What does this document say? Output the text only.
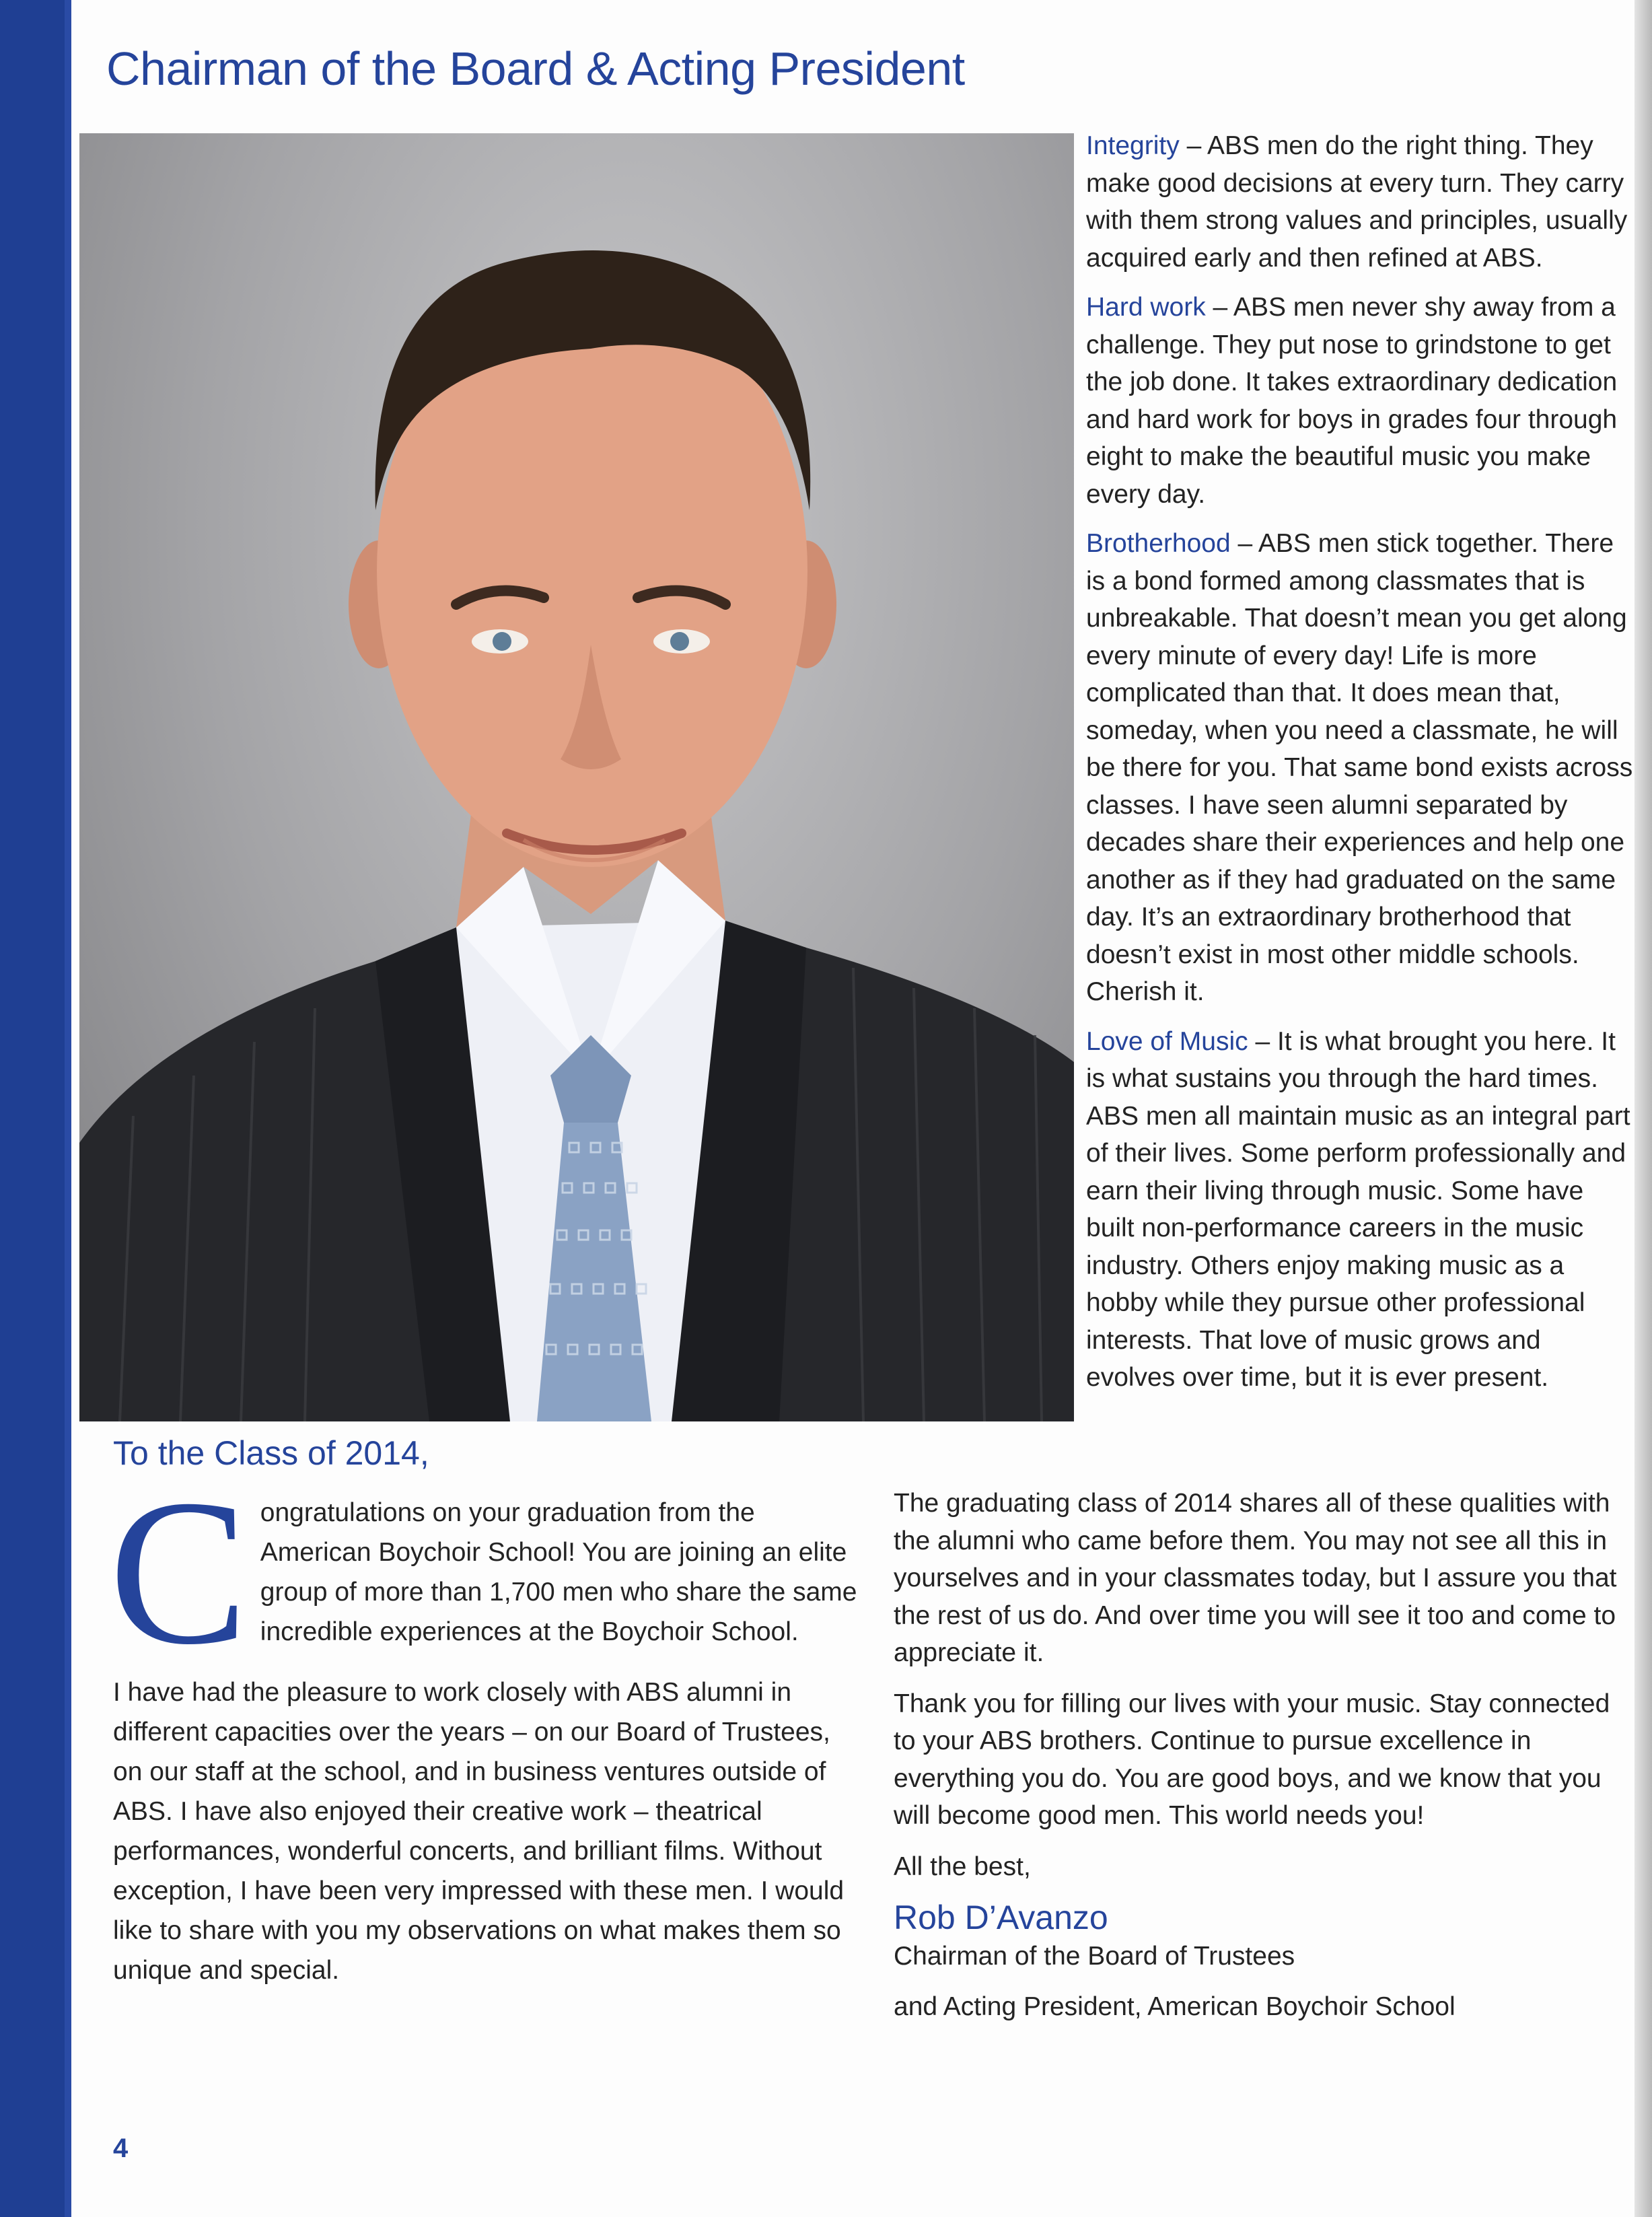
Chairman of the Board & Acting President

Integrity – ABS men do the right thing. They make good decisions at every turn. They carry with them strong values and principles, usually acquired early and then refined at ABS.

Hard work – ABS men never shy away from a challenge. They put nose to grindstone to get the job done. It takes extraordinary dedication and hard work for boys in grades four through eight to make the beautiful music you make every day.

Brotherhood – ABS men stick together. There is a bond formed among classmates that is unbreakable. That doesn’t mean you get along every minute of every day! Life is more complicated than that. It does mean that, someday, when you need a classmate, he will be there for you. That same bond exists across classes. I have seen alumni separated by decades share their experiences and help one another as if they had graduated on the same day. It’s an extraordinary brotherhood that doesn’t exist in most other middle schools. Cherish it.

Love of Music – It is what brought you here. It is what sustains you through the hard times. ABS men all maintain music as an integral part of their lives. Some perform professionally and earn their living through music. Some have built non-performance careers in the music industry. Others enjoy making music as a hobby while they pursue other professional interests. That love of music grows and evolves over time, but it is ever present.

To the Class of 2014,
C ongratulations on your graduation from the American Boychoir School! You are joining an elite group of more than 1,700 men who share the same incredible experiences at the Boychoir School.

I have had the pleasure to work closely with ABS alumni in different capacities over the years – on our Board of Trustees, on our staff at the school, and in business ventures outside of ABS. I have also enjoyed their creative work – theatrical performances, wonderful concerts, and brilliant films. Without exception, I have been very impressed with these men. I would like to share with you my observations on what makes them so unique and special.

The graduating class of 2014 shares all of these qualities with the alumni who came before them. You may not see all this in yourselves and in your classmates today, but I assure you that the rest of us do. And over time you will see it too and come to appreciate it.

Thank you for filling our lives with your music. Stay connected to your ABS brothers. Continue to pursue excellence in everything you do. You are good boys, and we know that you will become good men. This world needs you!

All the best,

Rob D’Avanzo

Chairman of the Board of Trustees

and Acting President, American Boychoir School

4
